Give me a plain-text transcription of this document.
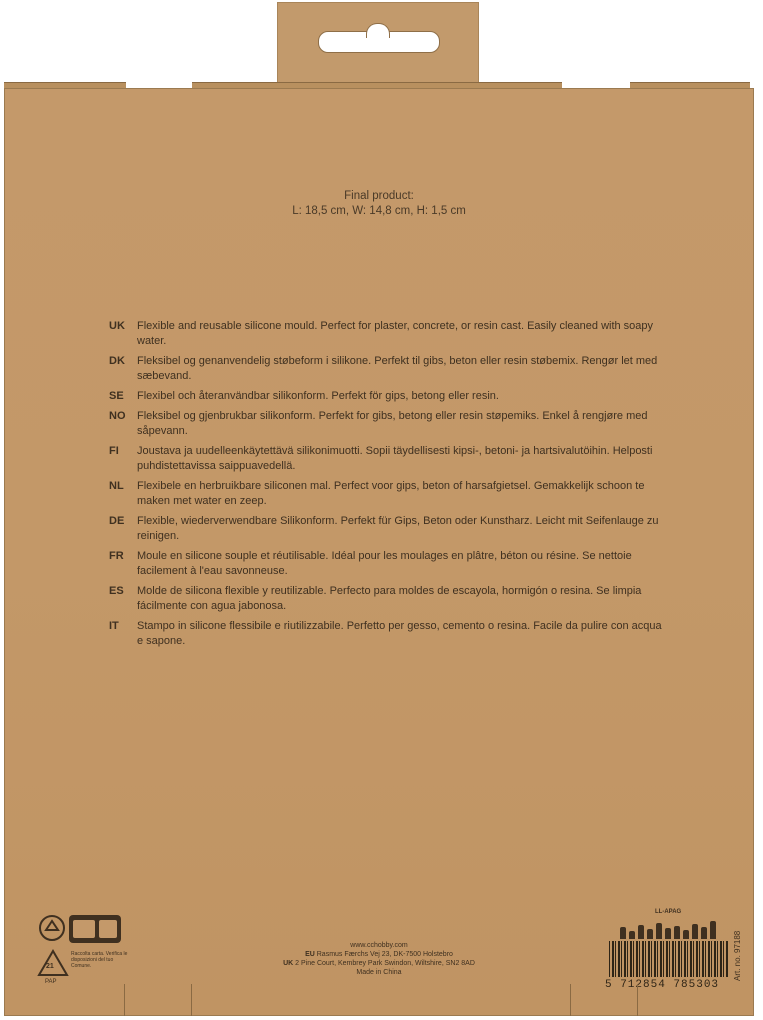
Final product:
L: 18,5 cm, W: 14,8 cm, H: 1,5 cm
UK	Flexible and reusable silicone mould. Perfect for plaster, concrete, or resin cast. Easily cleaned with soapy water.
DK	Fleksibel og genanvendelig støbeform i silikone. Perfekt til gibs, beton eller resin støbemix. Rengør let med sæbevand.
SE	Flexibel och återanvändbar silikonform. Perfekt för gips, betong eller resin.
NO	Fleksibel og gjenbrukbar silikonform. Perfekt for gibs, betong eller resin støpemiks. Enkel å rengjøre med såpevann.
FI	Joustava ja uudelleenkäytettävä silikonimuotti. Sopii täydellisesti kipsi-, betoni- ja hartsivalutöihin. Helposti puhdistettavissa saippuavedellä.
NL	Flexibele en herbruikbare siliconen mal. Perfect voor gips, beton of harsafgietsel. Gemakkelijk schoon te maken met water en zeep.
DE	Flexible, wiederverwendbare Silikonform. Perfekt für Gips, Beton oder Kunstharz. Leicht mit Seifenlauge zu reinigen.
FR	Moule en silicone souple et réutilisable. Idéal pour les moulages en plâtre, béton ou résine. Se nettoie facilement à l'eau savonneuse.
ES	Molde de silicona flexible y reutilizable. Perfecto para moldes de escayola, hormigón o resina. Se limpia fácilmente con agua jabonosa.
IT	Stampo in silicone flessibile e riutilizzabile. Perfetto per gesso, cemento o resina. Facile da pulire con acqua e sapone.
21
PAP
Raccolta carta. Verifica le disposizioni del tuo Comune.
www.cchobby.com
EU Rasmus Færchs Vej 23, DK-7500 Holstebro
UK 2 Pine Court, Kembrey Park Swindon, Wiltshire, SN2 8AD
Made in China
LL-APAG
5 712854 785303
Art. no. 97188
